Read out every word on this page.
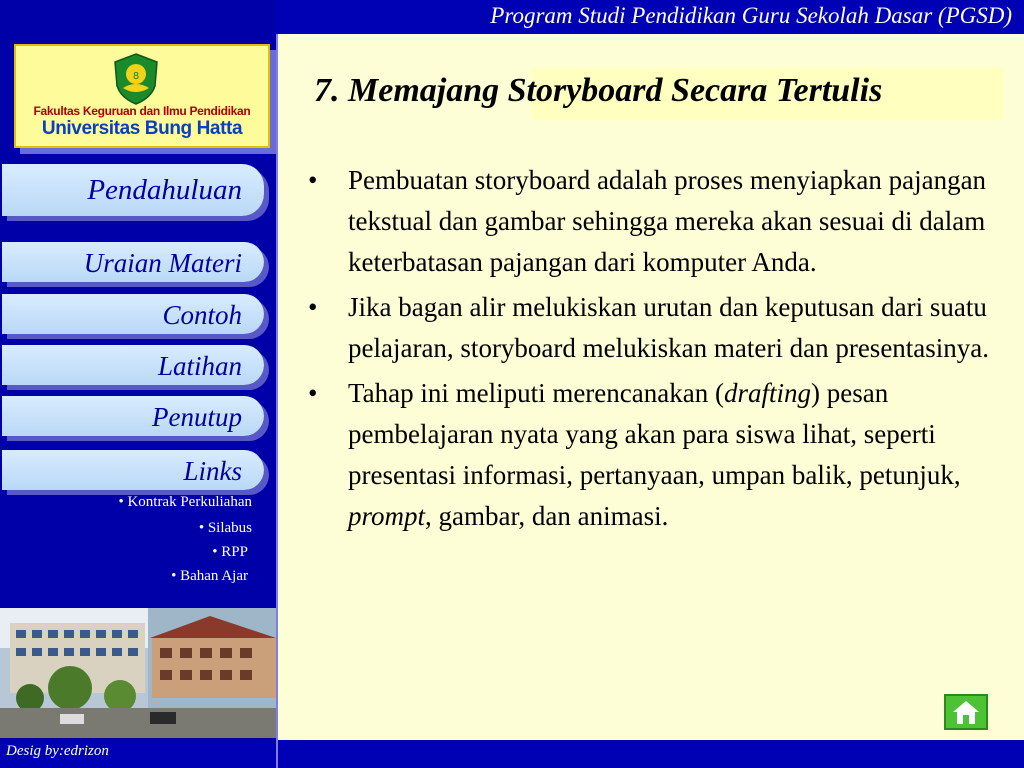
Program Studi Pendidikan Guru Sekolah Dasar (PGSD)
8
Fakultas Keguruan dan Ilmu Pendidikan
Universitas Bung Hatta
Pendahuluan
Uraian Materi
Contoh
Latihan
Penutup
Links
• Kontrak Perkuliahan
• Silabus
• RPP
• Bahan Ajar
7. Memajang Storyboard Secara Tertulis
• Pembuatan storyboard adalah proses menyiapkan pajangan tekstual dan gambar sehingga mereka akan sesuai di dalam keterbatasan pajangan dari komputer Anda.
• Jika bagan alir melukiskan urutan dan keputusan dari suatu pelajaran, storyboard melukiskan materi dan presentasinya.
• Tahap ini meliputi merencanakan (drafting) pesan pembelajaran nyata yang akan para siswa lihat, seperti presentasi informasi, pertanyaan, umpan balik, petunjuk, prompt, gambar, dan animasi.
Desig by:edrizon
